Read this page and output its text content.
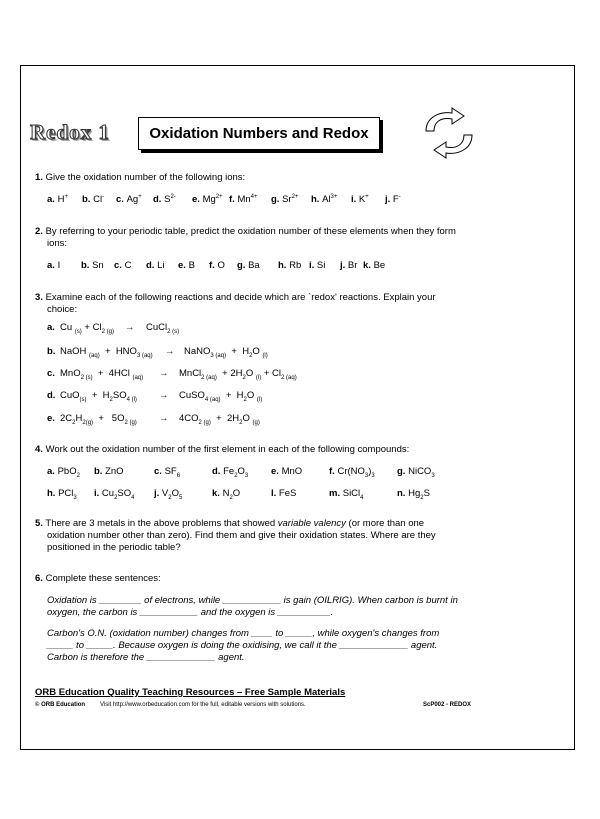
Redox 1	Oxidation Numbers and Redox
1. Give the oxidation number of the following ions:
a. H+ b. Cl- c. Ag+ d. $S^{2-}$ e. $Mg^{2+}$ f. $Mn^{4+}$ g. $Sr^{2+}$ h. $Al^{3+}$ i. K+ j. F-
2. By referring to your periodic table, predict the oxidation number of these elements when they form
ions:
a. I b. Sn c. C d. Li e. B f. O g. Ba h. Rb i. Si j. Br k. Be
3. Examine each of the following reactions and decide which are `redox' reactions. Explain your
choice:
a. Cu $_{(s)} + Cl_{2 (g)}$ → CuCl$_{2 (s)}$
b. NaOH $_{(aq)} + HNO_{3 (aq)}$ → NaNO$_{3 (aq)}$  +  $H_2O$ $_{(l)}$
c. MnO$_{2 (s)}$  +  4HCl $_{(aq)}$ → MnCl$_{2 (aq)}$  + $2H_2O$ $_{(l)} + Cl_{2 (aq)}$
d. $CuO_{(s)} + H_2SO_{4 (l)}$ → CuSO$_{4 (aq)}$  +  $H_2O$ $_{(l)}$
e. $2C_2H_{2(g)} + 5O_{2 (g)} \to 4CO_{2 (g)} + 2H_2O$ $_{(g)}$
4. Work out the oxidation number of the first element in each of the following compounds:
a. PbO$_2$ b. ZnO	c. $SF_6$	d. $Fe_2O_3$ e. MnO	f. $Cr(NO_3)_3$ g. NiCO$_3$
h. PCl$_3$ i. $Cu_2SO_4$ j. $V_2O_5$	k. $N_2O$	l. FeS	m. SiCl$_4$	n. $Hg_2S$
5. There are 3 metals in the above problems that showed variable valency (or more than one
oxidation number other than zero). Find them and give their oxidation states. Where are they
positioned in the periodic table?
6. Complete these sentences:
Oxidation is ________ of electrons, while ___________ is gain (OILRIG). When carbon is burnt in
oxygen, the carbon is ___________ and the oxygen is __________.
Carbon's O.N. (oxidation number) changes from ____ to _____, while oxygen's changes from
_____ to _____. Because oxygen is doing the oxidising, we call it the _____________ agent.
Carbon is therefore the _____________ agent.
ORB Education Quality Teaching Resources – Free Sample Materials
© ORB Education Visit http://www.orbeducation.com for the full, editable versions with solutions.	ScP002 - REDOX
